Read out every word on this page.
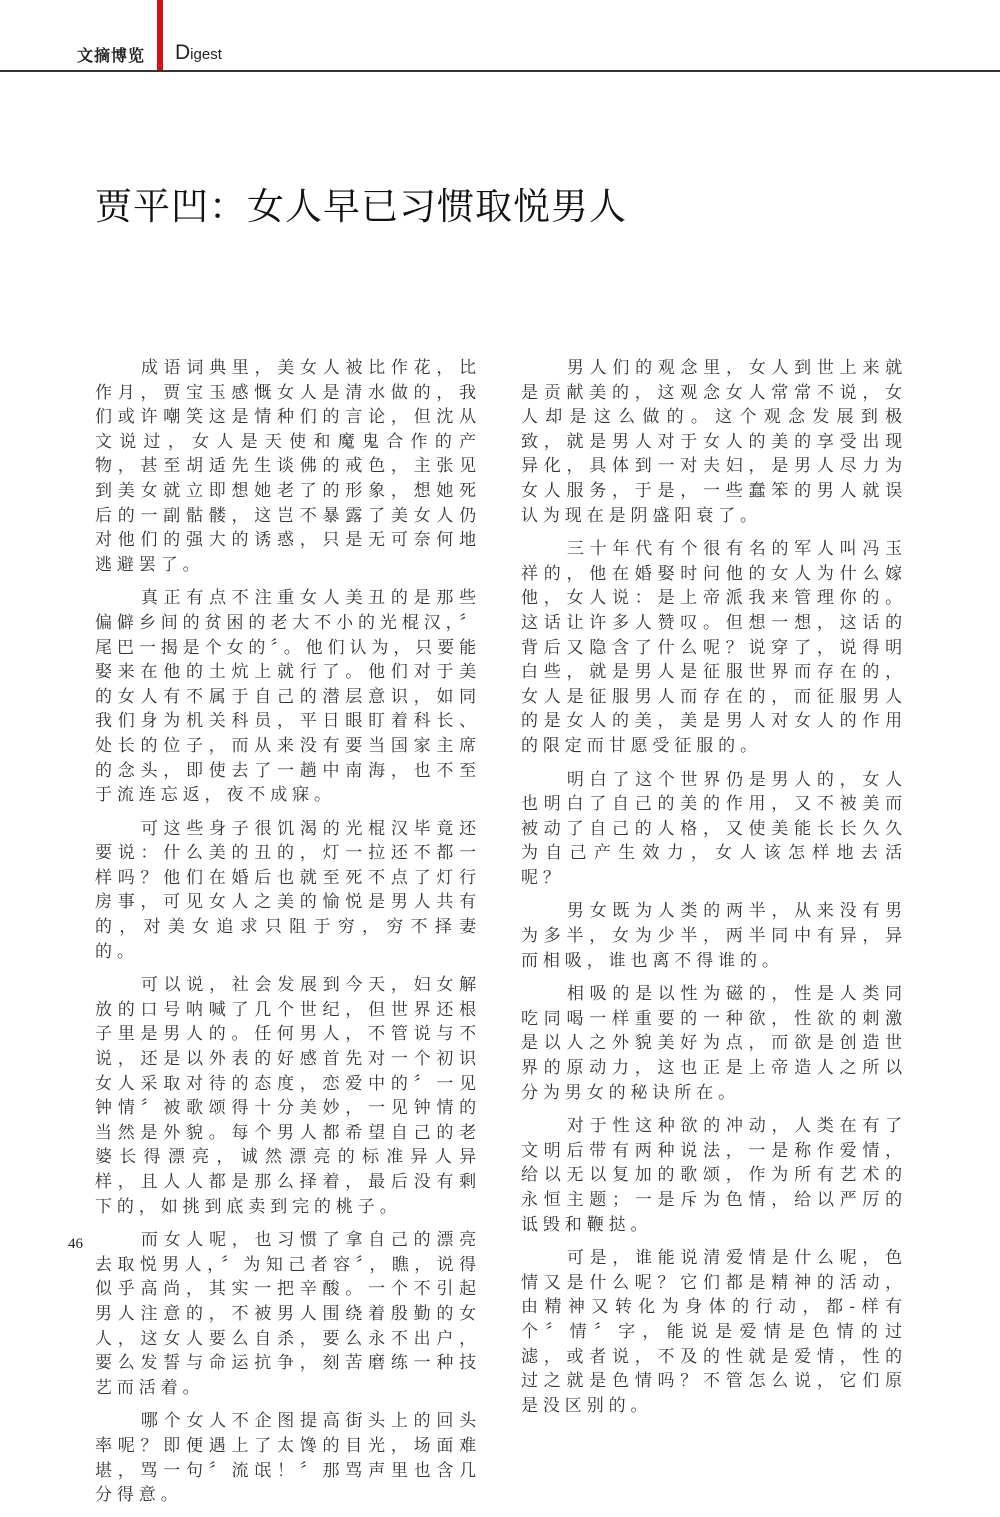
文摘博览 Digest
贾平凹：女人早已习惯取悦男人

成语词典里，美女人被比作花，比作月，贾宝玉感慨女人是清水做的，我们或许嘲笑这是情种们的言论，但沈从文说过，女人是天使和魔鬼合作的产物，甚至胡适先生谈佛的戒色，主张见到美女就立即想她老了的形象，想她死后的一副骷髅，这岂不暴露了美女人仍对他们的强大的诱惑，只是无可奈何地逃避罢了。

真正有点不注重女人美丑的是那些偏僻乡间的贫困的老大不小的光棍汉，〞尾巴一揭是个女的〞。他们认为，只要能娶来在他的土炕上就行了。他们对于美的女人有不属于自己的潜层意识，如同我们身为机关科员，平日眼盯着科长、处长的位子，而从来没有要当国家主席的念头，即使去了一趟中南海，也不至于流连忘返，夜不成寐。

可这些身子很饥渴的光棍汉毕竟还要说：什么美的丑的，灯一拉还不都一样吗？他们在婚后也就至死不点了灯行房事，可见女人之美的愉悦是男人共有的，对美女追求只阻于穷，穷不择妻的。

可以说，社会发展到今天，妇女解放的口号呐喊了几个世纪，但世界还根子里是男人的。任何男人，不管说与不说，还是以外表的好感首先对一个初识女人采取对待的态度，恋爱中的〞一见钟情〞被歌颂得十分美妙，一见钟情的当然是外貌。每个男人都希望自己的老婆长得漂亮，诚然漂亮的标准异人异样，且人人都是那么择着，最后没有剩下的，如挑到底卖到完的桃子。

而女人呢，也习惯了拿自己的漂亮去取悦男人，〞为知己者容〞，瞧，说得似乎高尚，其实一把辛酸。一个不引起男人注意的，不被男人围绕着殷勤的女人，这女人要么自杀，要么永不出户，要么发誓与命运抗争，刻苦磨练一种技艺而活着。

哪个女人不企图提高街头上的回头率呢？即便遇上了太馋的目光，场面难堪，骂一句〞流氓！〞那骂声里也含几分得意。

男人们的观念里，女人到世上来就是贡献美的，这观念女人常常不说，女人却是这么做的。这个观念发展到极致，就是男人对于女人的美的享受出现异化，具体到一对夫妇，是男人尽力为女人服务，于是，一些蠢笨的男人就误认为现在是阴盛阳衰了。

三十年代有个很有名的军人叫冯玉祥的，他在婚娶时问他的女人为什么嫁他，女人说：是上帝派我来管理你的。这话让许多人赞叹。但想一想，这话的背后又隐含了什么呢？说穿了，说得明白些，就是男人是征服世界而存在的，女人是征服男人而存在的，而征服男人的是女人的美，美是男人对女人的作用的限定而甘愿受征服的。

明白了这个世界仍是男人的，女人也明白了自己的美的作用，又不被美而被动了自己的人格，又使美能长长久久为自己产生效力，女人该怎样地去活呢？

男女既为人类的两半，从来没有男为多半，女为少半，两半同中有异，异而相吸，谁也离不得谁的。

相吸的是以性为磁的，性是人类同吃同喝一样重要的一种欲，性欲的刺激是以人之外貌美好为点，而欲是创造世界的原动力，这也正是上帝造人之所以分为男女的秘诀所在。

对于性这种欲的冲动，人类在有了文明后带有两种说法，一是称作爱情，给以无以复加的歌颂，作为所有艺术的永恒主题；一是斥为色情，给以严厉的诋毁和鞭挞。

可是，谁能说清爱情是什么呢，色情又是什么呢？它们都是精神的活动，由精神又转化为身体的行动，都-样有个〞情〞字，能说是爱情是色情的过滤，或者说，不及的性就是爱情，性的过之就是色情吗？不管怎么说，它们原是没区别的。

46
